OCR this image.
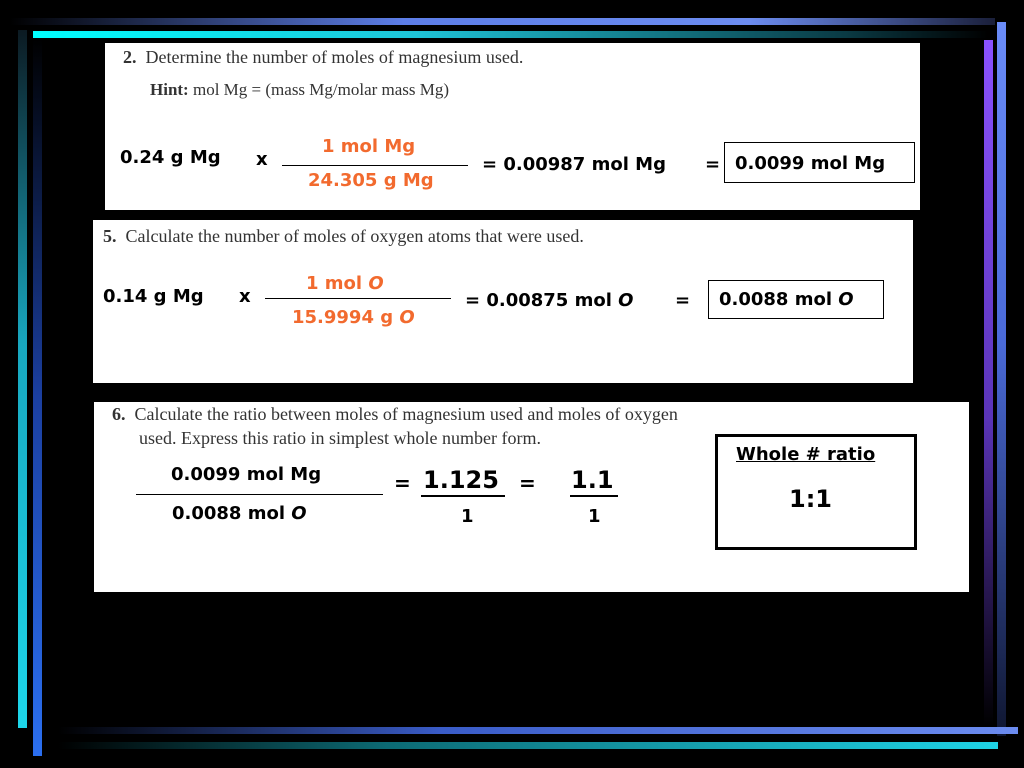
2. Determine the number of moles of magnesium used.
Hint: mol Mg = (mass Mg/molar mass Mg)
0.24 g Mg x
1 mol Mg
24.305 g Mg
= 0.00987 mol Mg = 0.0099 mol Mg
5. Calculate the number of moles of oxygen atoms that were used.
0.14 g Mg x
1 mol O
15.9994 g O
= 0.00875 mol O = 0.0088 mol O
6. Calculate the ratio between moles of magnesium used and moles of oxygen
used. Express this ratio in simplest whole number form.
0.0099 mol Mg
0.0088 mol O
= 1.125
1
= 1.1
1
Whole # ratio
1:1
